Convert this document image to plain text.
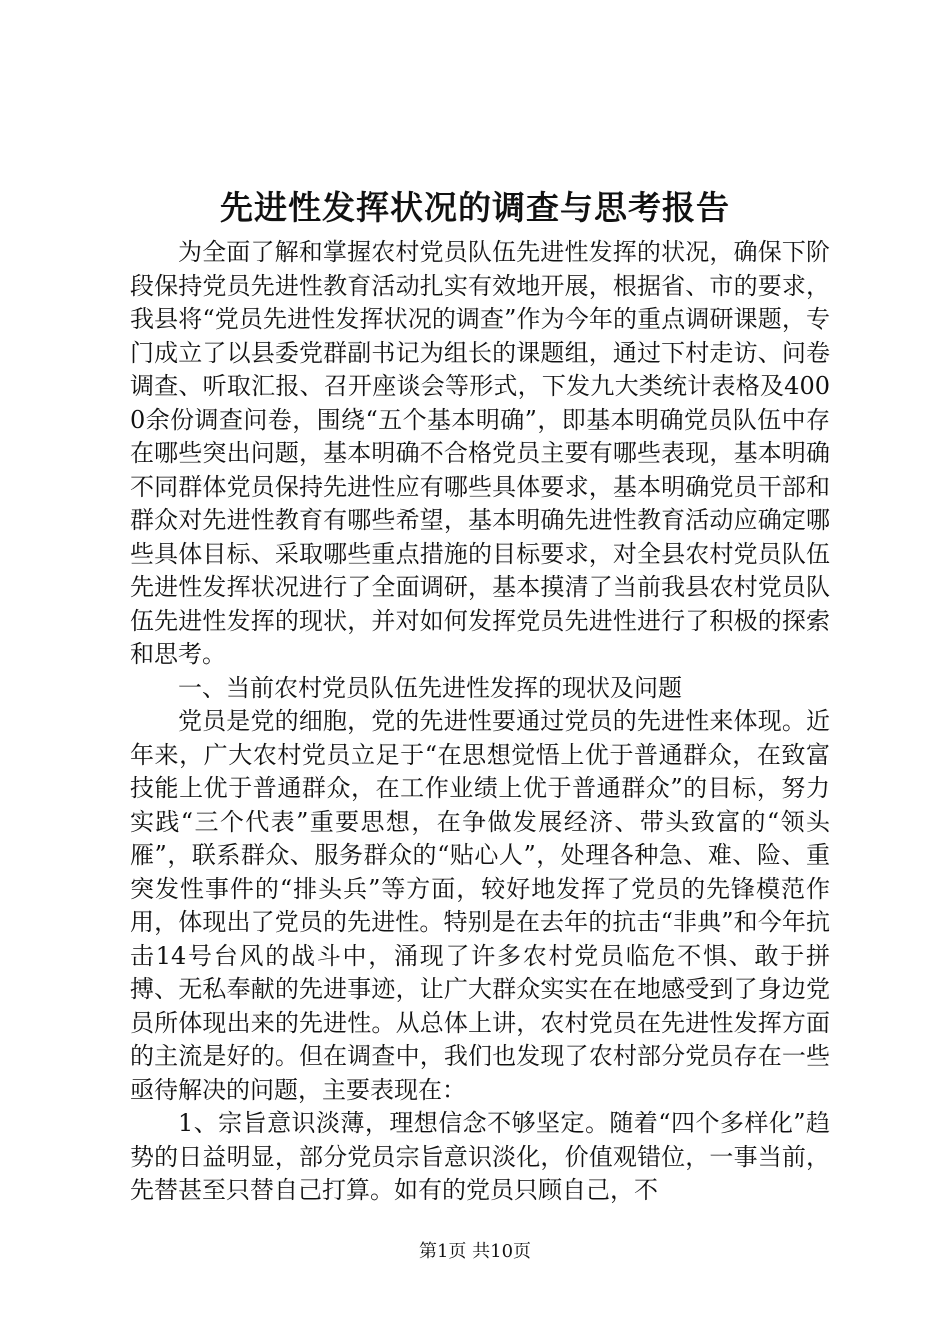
先进性发挥状况的调查与思考报告

为全面了解和掌握农村党员队伍先进性发挥的状况，确保下阶段保持党员先进性教育活动扎实有效地开展，根据省、市的要求，我县将“党员先进性发挥状况的调查”作为今年的重点调研课题，专门成立了以县委党群副书记为组长的课题组，通过下村走访、问卷调查、听取汇报、召开座谈会等形式，下发九大类统计表格及4000余份调查问卷，围绕“五个基本明确”，即基本明确党员队伍中存在哪些突出问题，基本明确不合格党员主要有哪些表现，基本明确不同群体党员保持先进性应有哪些具体要求，基本明确党员干部和群众对先进性教育有哪些希望，基本明确先进性教育活动应确定哪些具体目标、采取哪些重点措施的目标要求，对全县农村党员队伍先进性发挥状况进行了全面调研，基本摸清了当前我县农村党员队伍先进性发挥的现状，并对如何发挥党员先进性进行了积极的探索和思考。

一、当前农村党员队伍先进性发挥的现状及问题

党员是党的细胞，党的先进性要通过党员的先进性来体现。近年来，广大农村党员立足于“在思想觉悟上优于普通群众，在致富技能上优于普通群众，在工作业绩上优于普通群众”的目标，努力实践“三个代表”重要思想，在争做发展经济、带头致富的“领头雁”，联系群众、服务群众的“贴心人”，处理各种急、难、险、重突发性事件的“排头兵”等方面，较好地发挥了党员的先锋模范作用，体现出了党员的先进性。特别是在去年的抗击“非典”和今年抗击14号台风的战斗中，涌现了许多农村党员临危不惧、敢于拼搏、无私奉献的先进事迹，让广大群众实实在在地感受到了身边党员所体现出来的先进性。从总体上讲，农村党员在先进性发挥方面的主流是好的。但在调查中，我们也发现了农村部分党员存在一些亟待解决的问题，主要表现在：

1、宗旨意识淡薄，理想信念不够坚定。随着“四个多样化”趋势的日益明显，部分党员宗旨意识淡化，价值观错位，一事当前，先替甚至只替自己打算。如有的党员只顾自己，不

第1页 共10页
